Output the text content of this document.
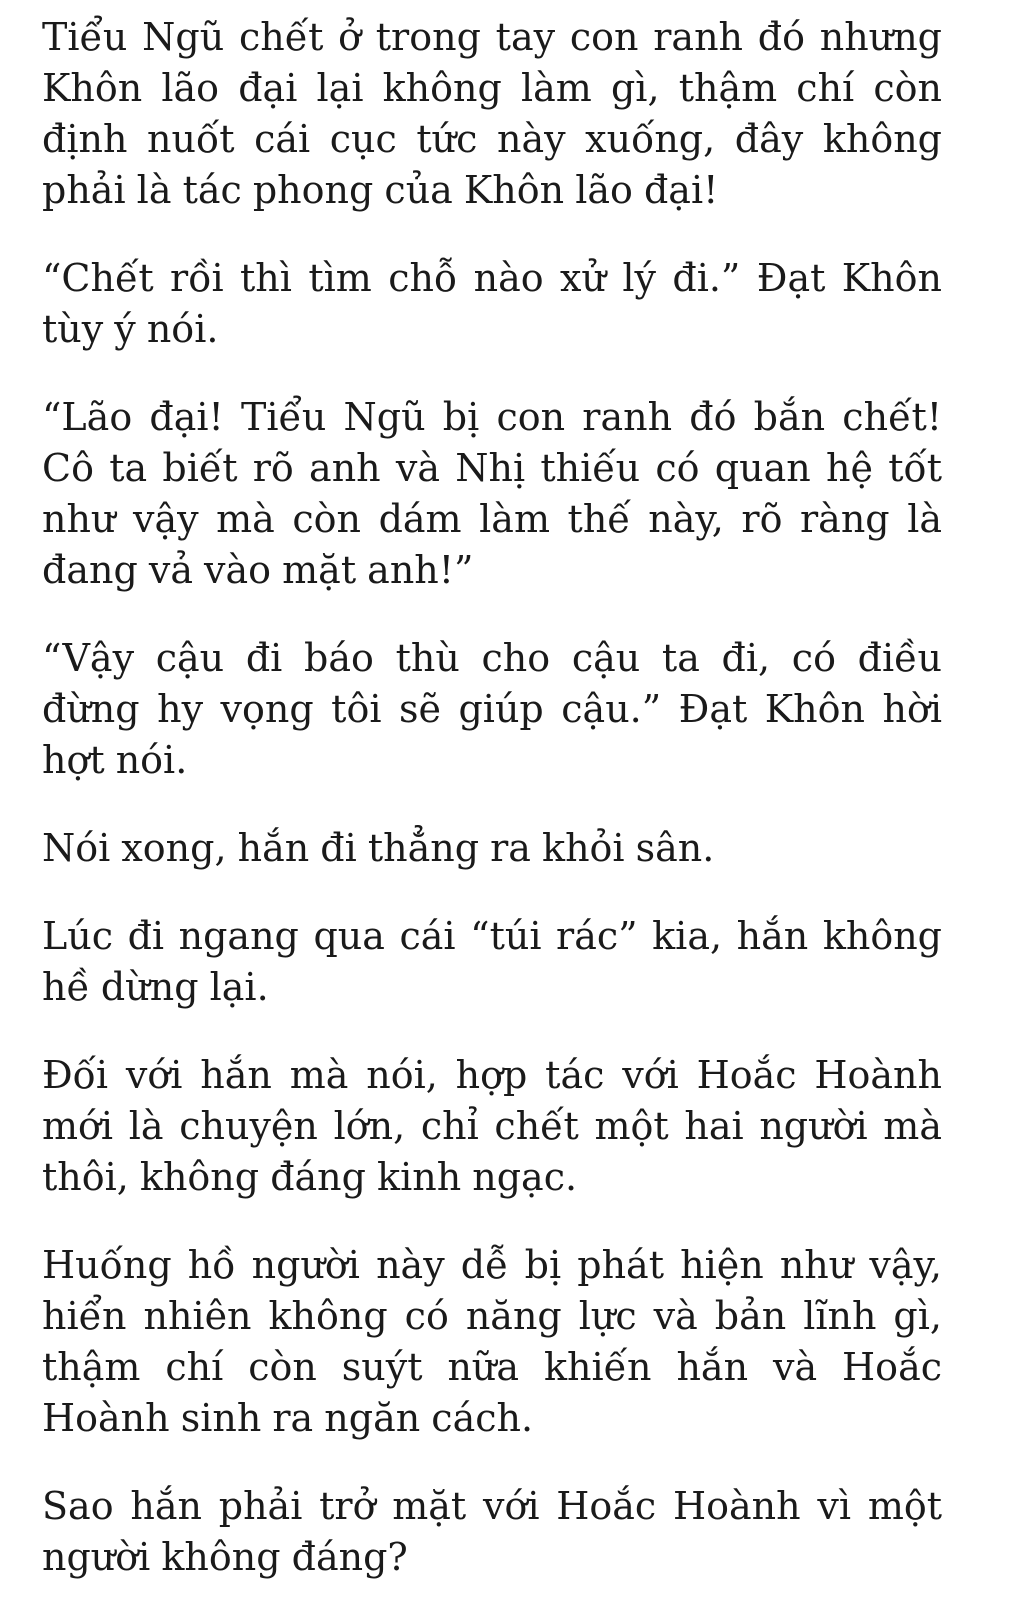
Tiểu Ngũ chết ở trong tay con ranh đó nhưng Khôn lão đại lại không làm gì, thậm chí còn định nuốt cái cục tức này xuống, đây không phải là tác phong của Khôn lão đại!

“Chết rồi thì tìm chỗ nào xử lý đi.” Đạt Khôn tùy ý nói.

“Lão đại! Tiểu Ngũ bị con ranh đó bắn chết! Cô ta biết rõ anh và Nhị thiếu có quan hệ tốt như vậy mà còn dám làm thế này, rõ ràng là đang vả vào mặt anh!”

“Vậy cậu đi báo thù cho cậu ta đi, có điều đừng hy vọng tôi sẽ giúp cậu.” Đạt Khôn hời hợt nói.

Nói xong, hắn đi thẳng ra khỏi sân.

Lúc đi ngang qua cái “túi rác” kia, hắn không hề dừng lại.

Đối với hắn mà nói, hợp tác với Hoắc Hoành mới là chuyện lớn, chỉ chết một hai người mà thôi, không đáng kinh ngạc.

Huống hồ người này dễ bị phát hiện như vậy, hiển nhiên không có năng lực và bản lĩnh gì, thậm chí còn suýt nữa khiến hắn và Hoắc Hoành sinh ra ngăn cách.

Sao hắn phải trở mặt với Hoắc Hoành vì một người không đáng?
